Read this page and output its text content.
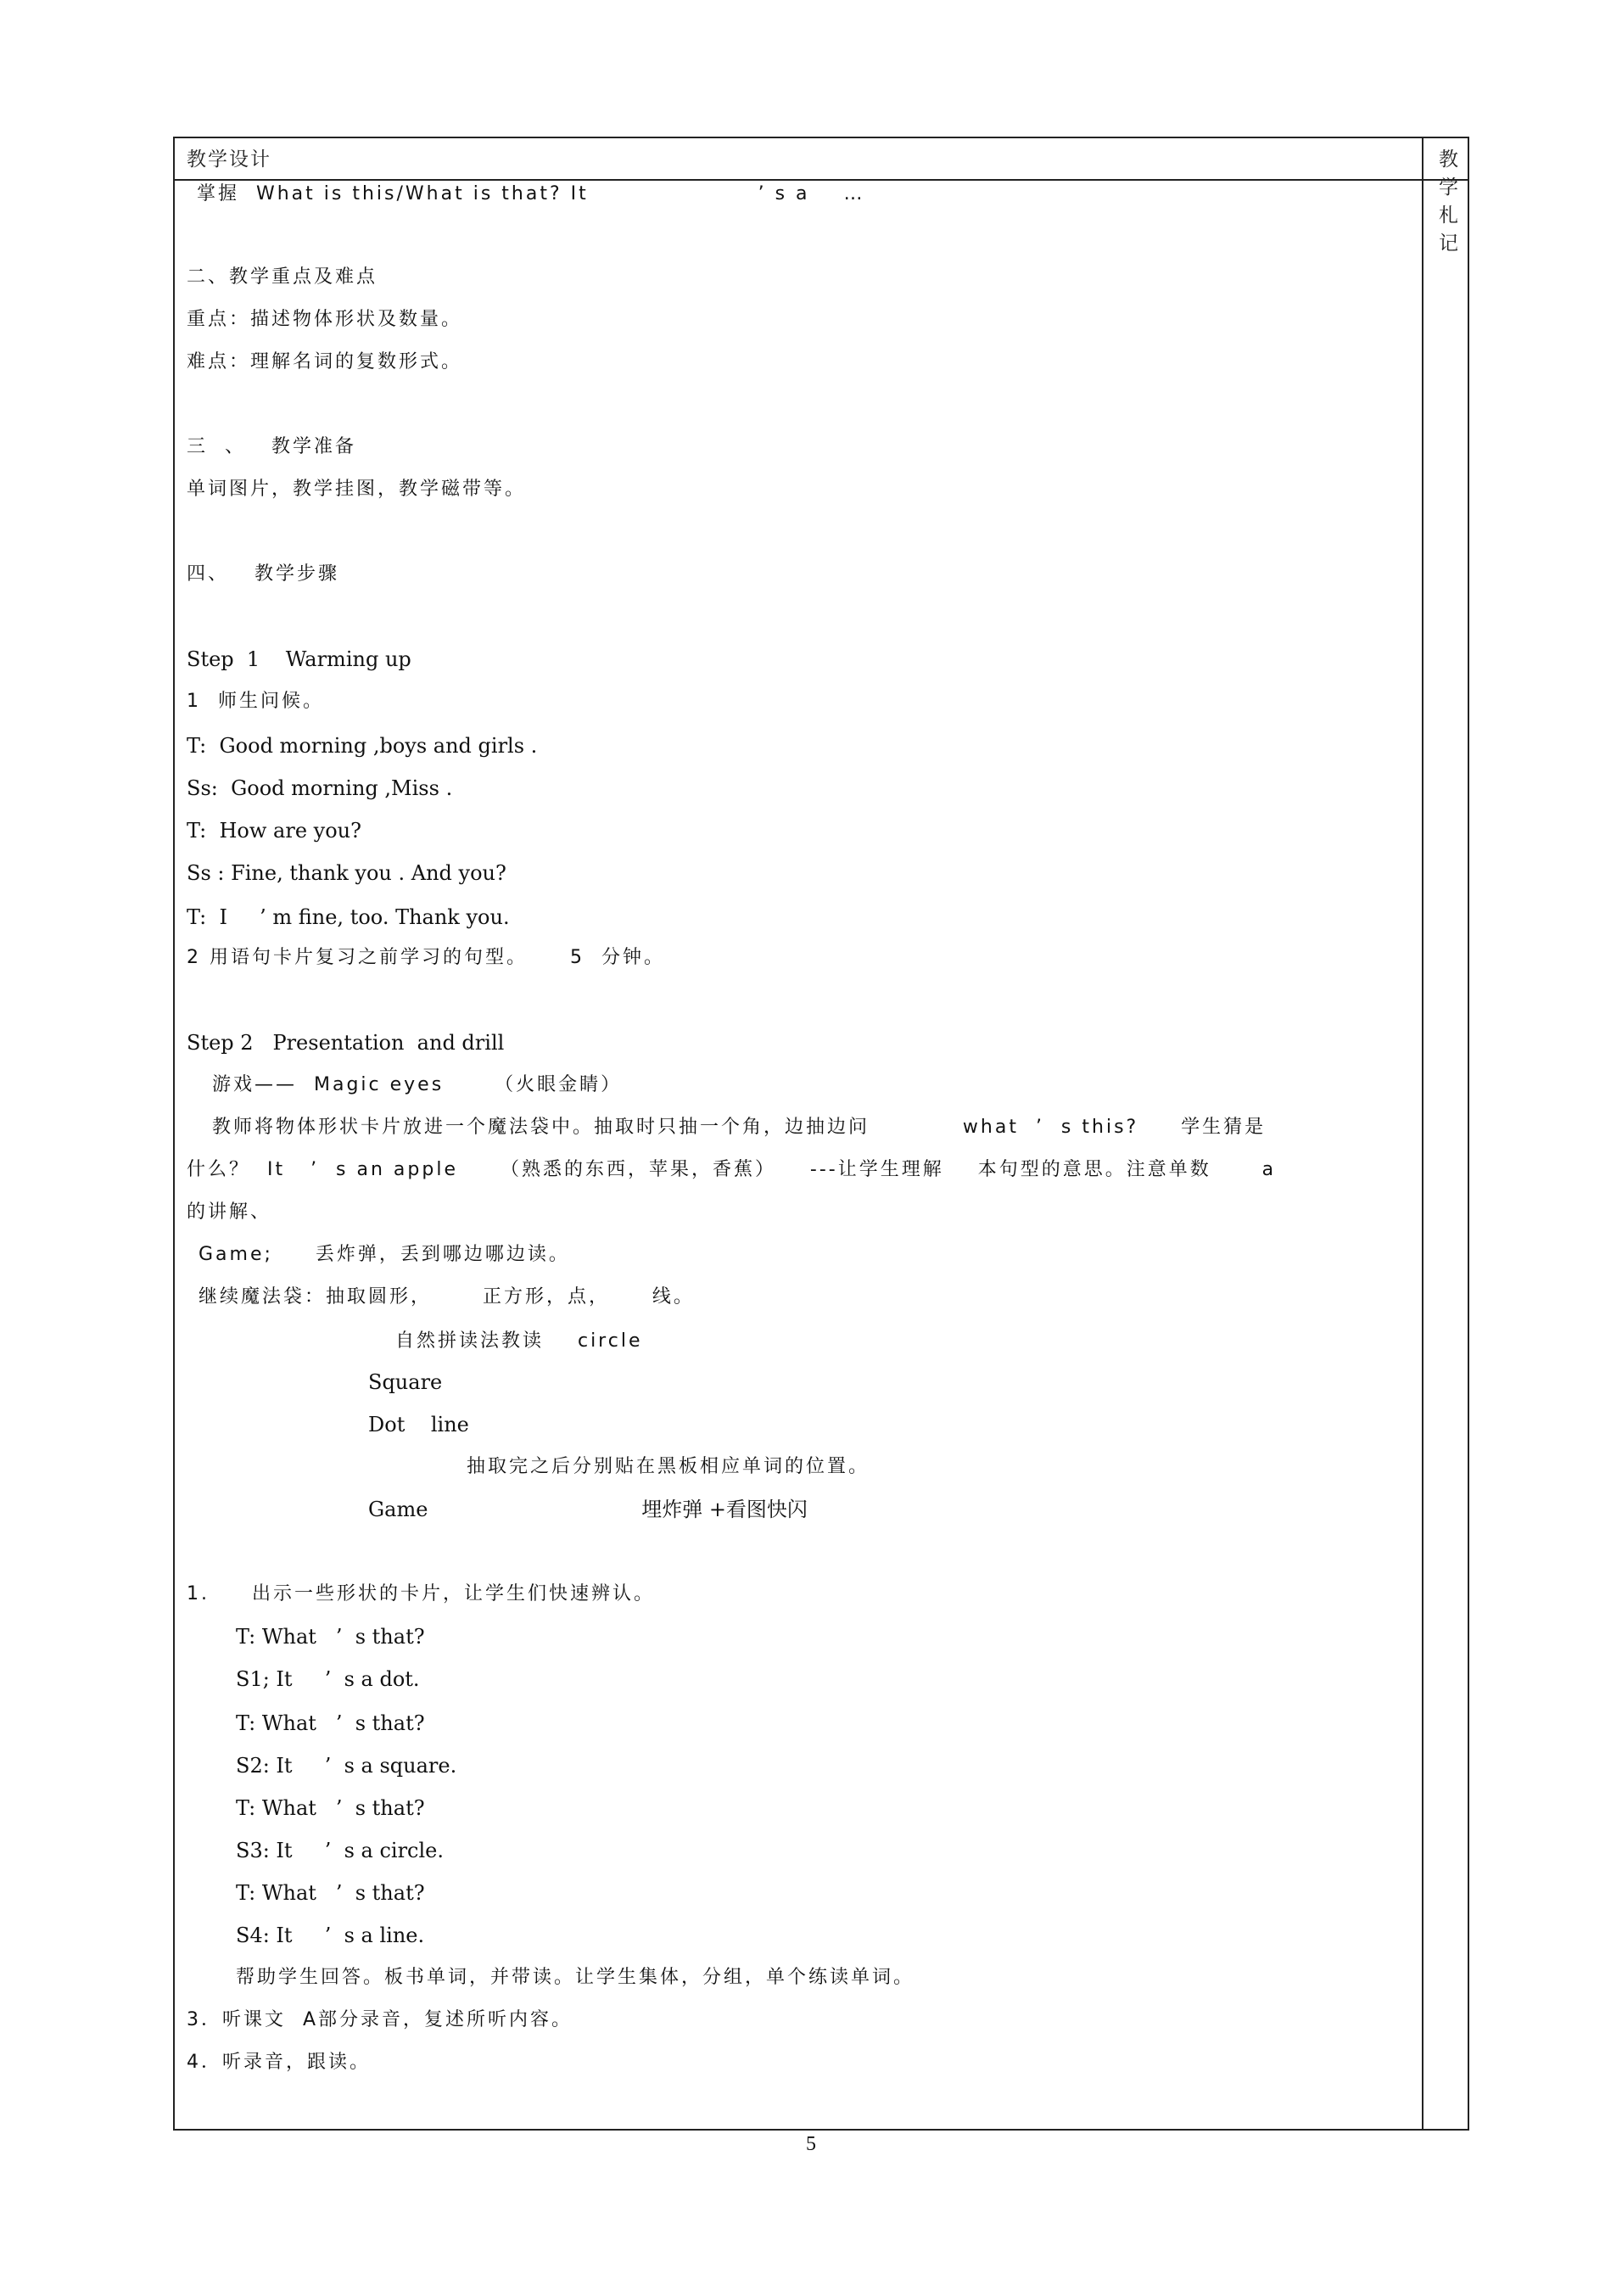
教学设计	教学札记
掌握  What is this/What is that? It                    ’ s a    …
二、教学重点及难点
重点：描述物体形状及数量。
难点：理解名词的复数形式。
三  、   教学准备
单词图片，教学挂图，教学磁带等。
四、   教学步骤
Step  1    Warming up
1  师生问候。
T:  Good morning ,boys and girls .
Ss:  Good morning ,Miss .
T:  How are you?
Ss : Fine, thank you . And you?
T:  I     ’ m fine, too. Thank you.
2 用语句卡片复习之前学习的句型。     5  分钟。
Step 2   Presentation  and drill
游戏——  Magic eyes      （火眼金睛）
教师将物体形状卡片放进一个魔法袋中。抽取时只抽一个角，边抽边问           what  ’  s this?     学生猜是
什么？  It   ’  s an apple     （熟悉的东西，苹果，香蕉）    ---让学生理解    本句型的意思。注意单数      a
的讲解、
Game;     丢炸弹，丢到哪边哪边读。
继续魔法袋：抽取圆形，      正方形，点，     线。
自然拼读法教读    circle
Square
Dot    line
抽取完之后分别贴在黑板相应单词的位置。
Game                                 埋炸弹 +看图快闪
1.     出示一些形状的卡片，让学生们快速辨认。
T: What   ’  s that?
S1; It     ’  s a dot.
T: What   ’  s that?
S2: It     ’  s a square.
T: What   ’  s that?
S3: It     ’  s a circle.
T: What   ’  s that?
S4: It     ’  s a line.
帮助学生回答。板书单词，并带读。让学生集体，分组，单个练读单词。
3．听课文  A部分录音，复述所听内容。
4．听录音，跟读。
5
